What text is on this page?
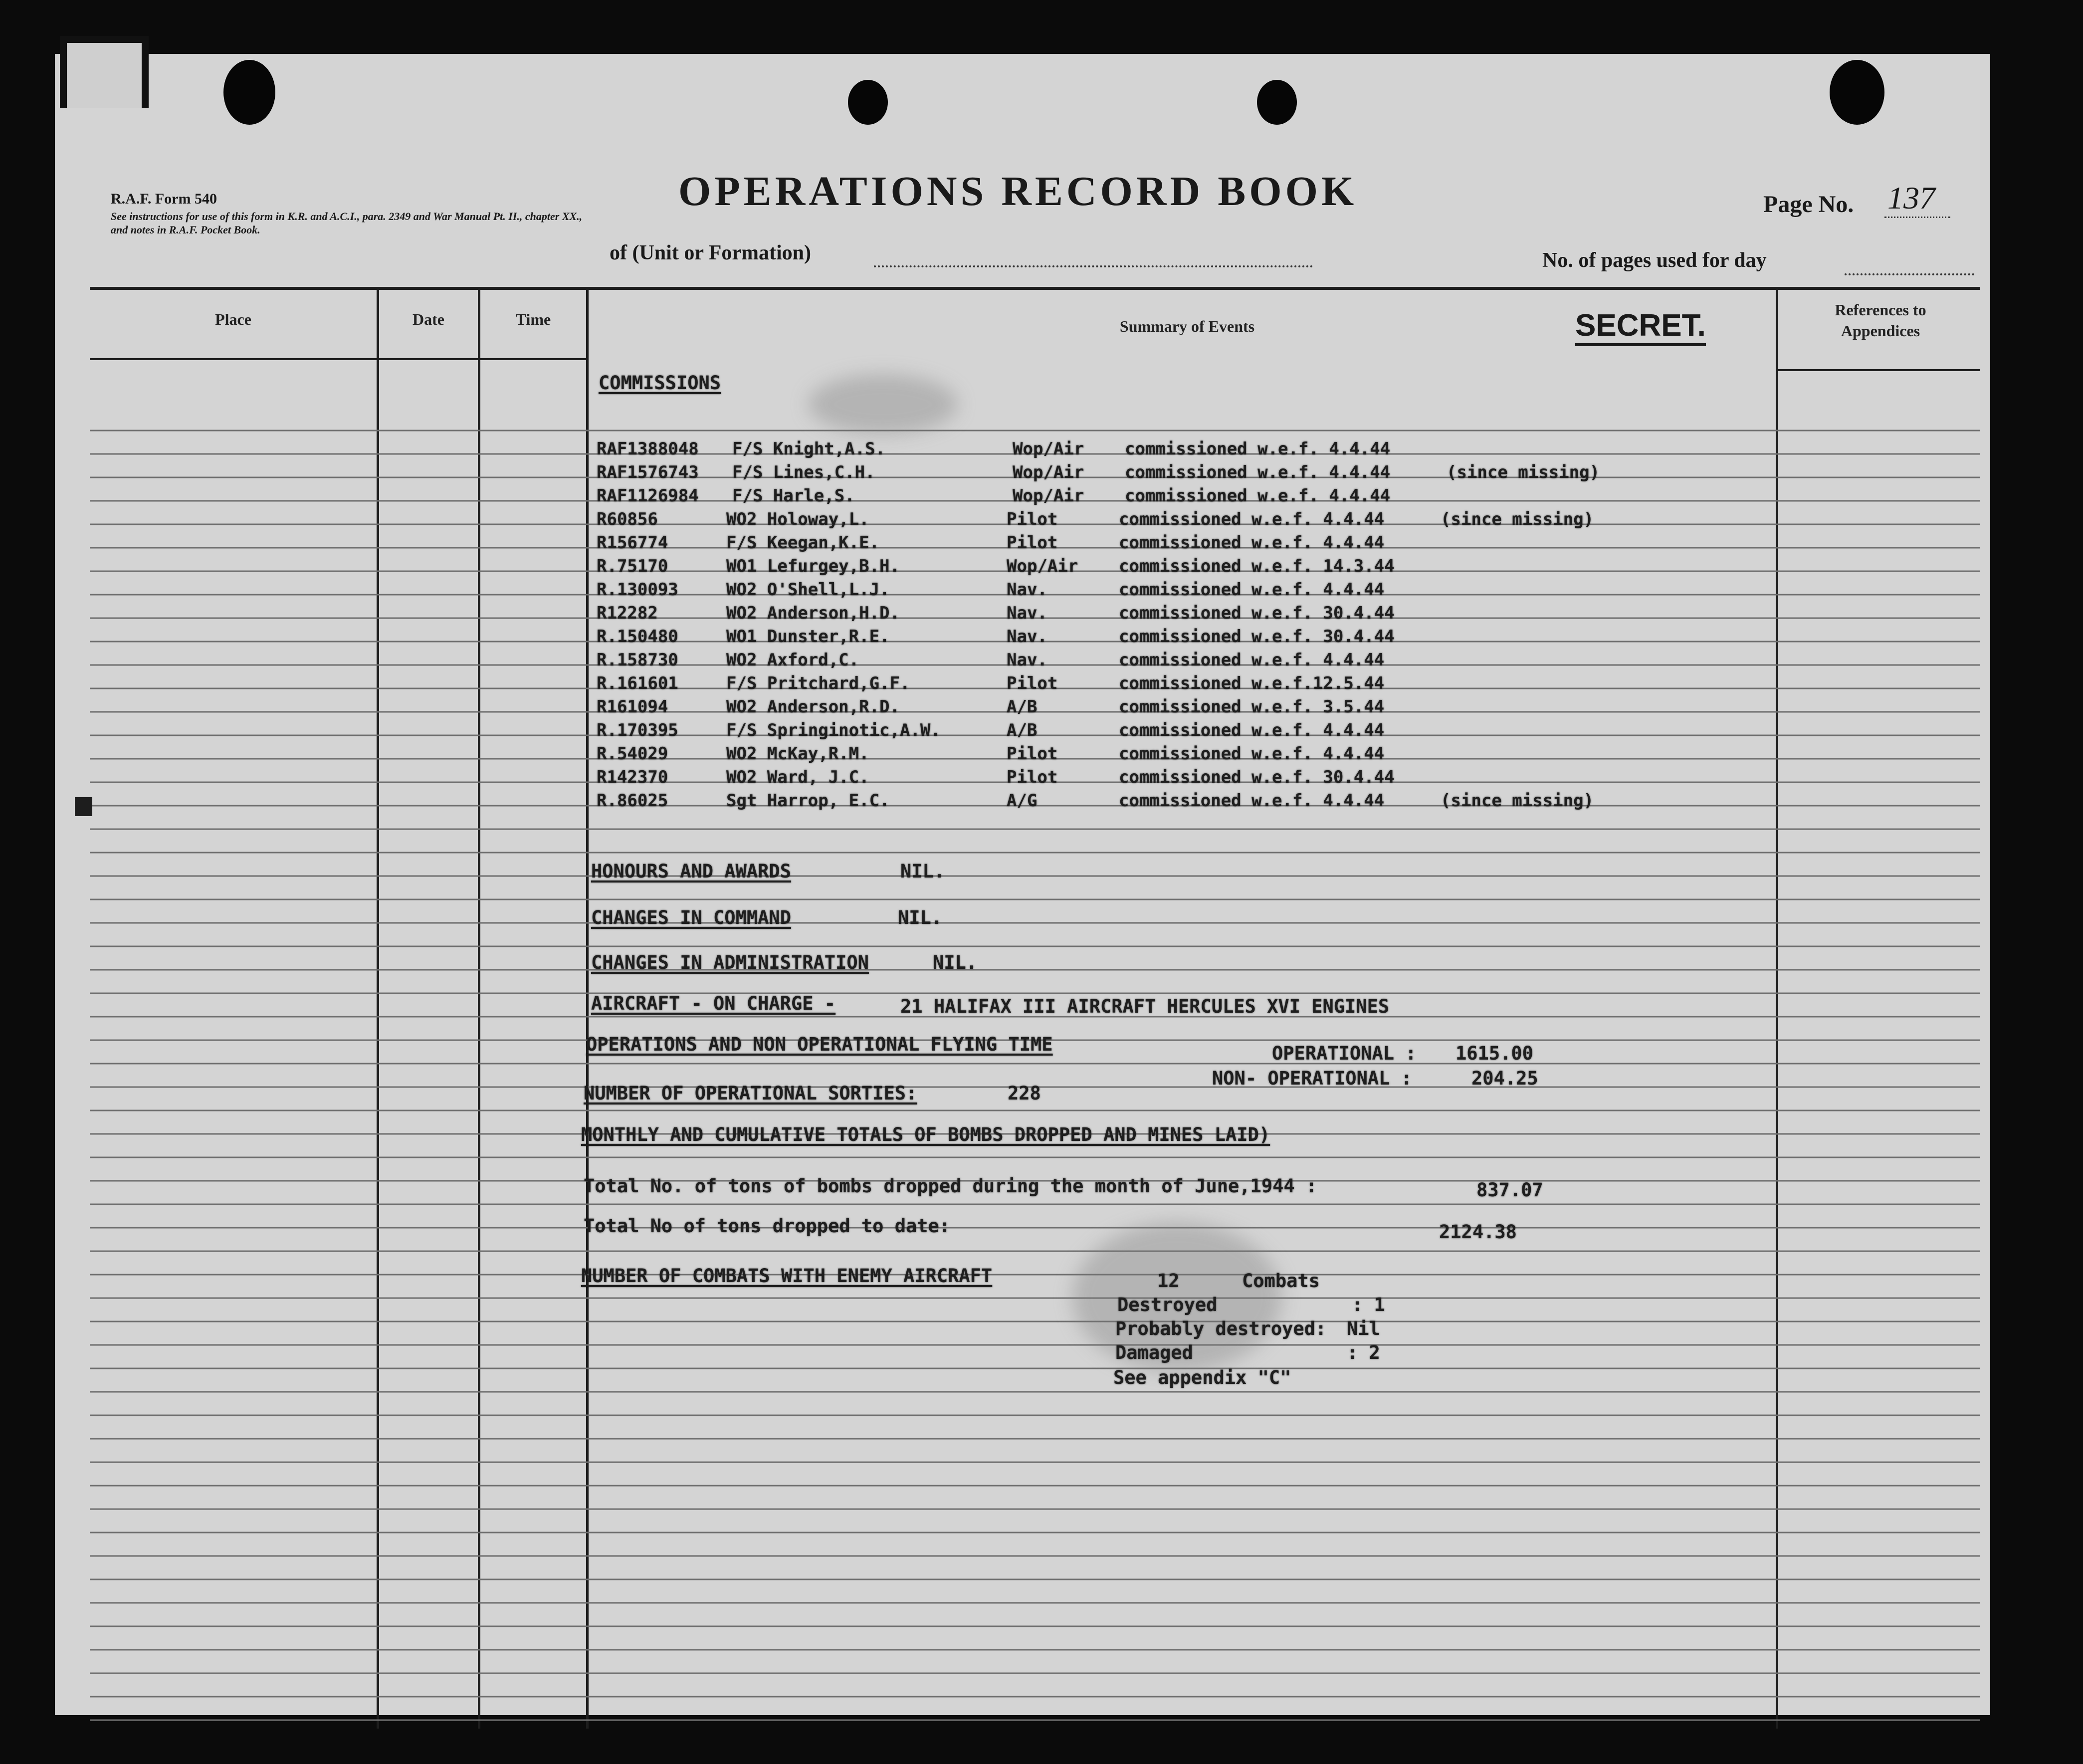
R.A.F. Form 540
See instructions for use of this form in K.R. and A.C.I., para. 2349 and War Manual Pt. II., chapter XX., and notes in R.A.F. Pocket Book.
OPERATIONS RECORD BOOK
of (Unit or Formation)	No. of pages used for day
Page No. 137
Place	Date	Time	Summary of Events
References to Appendices
SECRET.
COMMISSIONS
RAF1388048 F/S Knight,A.S.	Wop/Air commissioned w.e.f. 4.4.44
RAF1576743 F/S Lines,C.H.	Wop/Air commissioned w.e.f. 4.4.44	(since missing)
RAF1126984 F/S Harle,S.	Wop/Air commissioned w.e.f. 4.4.44
R60856	WO2 Holoway,L.	Pilot	commissioned w.e.f. 4.4.44	(since missing)
R156774	F/S Keegan,K.E.	Pilot	commissioned w.e.f. 4.4.44
R.75170	WO1 Lefurgey,B.H.	Wop/Air commissioned w.e.f. 14.3.44
R.130093	WO2 O'Shell,L.J.	Nav.	commissioned w.e.f. 4.4.44
R12282	WO2 Anderson,H.D.	Nav.	commissioned w.e.f. 30.4.44
R.150480	WO1 Dunster,R.E.	Nav.	commissioned w.e.f. 30.4.44
R.158730	WO2 Axford,C.	Nav.	commissioned w.e.f. 4.4.44
R.161601	F/S Pritchard,G.F.	Pilot	commissioned w.e.f.12.5.44
R161094	WO2 Anderson,R.D.	A/B	commissioned w.e.f. 3.5.44
R.170395	F/S Springinotic,A.W.	A/B	commissioned w.e.f. 4.4.44
R.54029	WO2 McKay,R.M.	Pilot	commissioned w.e.f. 4.4.44
R142370	WO2 Ward, J.C.	Pilot	commissioned w.e.f. 30.4.44
R.86025	Sgt Harrop, E.C.	A/G	commissioned w.e.f. 4.4.44	(since missing)
HONOURS AND AWARDS	NIL.
CHANGES IN COMMAND	NIL.
CHANGES IN ADMINISTRATION	NIL.
AIRCRAFT - ON CHARGE -	21 HALIFAX III AIRCRAFT HERCULES XVI ENGINES
OPERATIONS AND NON OPERATIONAL FLYING TIME	OPERATIONAL : 1615.00
NON- OPERATIONAL :	204.25
NUMBER OF OPERATIONAL SORTIES:	228
MONTHLY AND CUMULATIVE TOTALS OF BOMBS DROPPED AND MINES LAID)
Total No. of tons of bombs dropped during the month of June,1944 :	837.07
Total No of tons dropped to date:	2124.38
NUMBER OF COMBATS WITH ENEMY AIRCRAFT	12	Combats
Destroyed	: 1
Probably destroyed: Nil
Damaged	: 2
See appendix "C"
